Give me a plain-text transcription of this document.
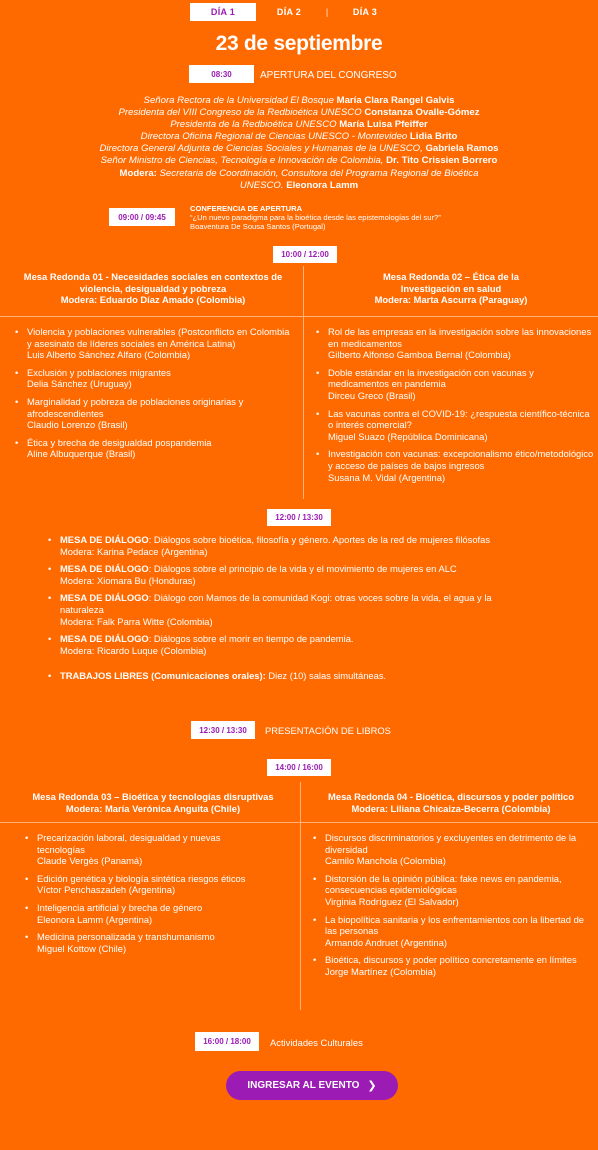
DÍA 1	DÍA 2	|	DÍA 3
23 de septiembre
08:30	APERTURA DEL CONGRESO
Señora Rectora de la Universidad El Bosque María Clara Rangel Galvis
Presidenta del VIII Congreso de la Redbioética UNESCO Constanza Ovalle-Gómez
Presidenta de la Redbioética UNESCO María Luisa Pfeiffer
Directora Oficina Regional de Ciencias UNESCO - Montevideo Lidia Brito
Directora General Adjunta de Ciencias Sociales y Humanas de la UNESCO, Gabriela Ramos
Señor Ministro de Ciencias, Tecnología e Innovación de Colombia, Dr. Tito Crissien Borrero
Modera: Secretaria de Coordinación, Consultora del Programa Regional de Bioética
UNESCO. Eleonora Lamm
09:00 / 09:45
CONFERENCIA DE APERTURA
“¿Un nuevo paradigma para la bioética desde las epistemologías del sur?”
Boaventura De Sousa Santos (Portugal)
10:00 / 12:00
Mesa Redonda 01 - Necesidades sociales en contextos de violencia, desigualdad y pobreza
Modera: Eduardo Díaz Amado (Colombia)
Mesa Redonda 02 – Ética de la Investigación en salud
Modera: Marta Ascurra (Paraguay)
• Violencia y poblaciones vulnerables (Postconflicto en Colombia y asesinato de líderes sociales en América Latina)
Luis Alberto Sánchez Alfaro (Colombia)
• Exclusión y poblaciones migrantes
Delia Sánchez (Uruguay)
• Marginalidad y pobreza de poblaciones originarias y afrodescendientes
Claudio Lorenzo (Brasil)
• Ética y brecha de desigualdad pospandemia
Aline Albuquerque (Brasil)
• Rol de las empresas en la investigación sobre las innovaciones en medicamentos
Gilberto Alfonso Gamboa Bernal (Colombia)
• Doble estándar en la investigación con vacunas y medicamentos en pandemia
Dirceu Greco (Brasil)
• Las vacunas contra el COVID-19: ¿respuesta científico-técnica o interés comercial?
Miguel Suazo (República Dominicana)
• Investigación con vacunas: excepcionalismo ético/metodológico y acceso de países de bajos ingresos
Susana M. Vidal (Argentina)
12:00 / 13:30
• MESA DE DIÁLOGO: Diálogos sobre bioética, filosofía y género. Aportes de la red de mujeres filósofas
Modera: Karina Pedace (Argentina)
• MESA DE DIÁLOGO: Diálogos sobre el principio de la vida y el movimiento de mujeres en ALC
Modera: Xiomara Bu (Honduras)
• MESA DE DIÁLOGO: Diálogo con Mamos de la comunidad Kogi: otras voces sobre la vida, el agua y la naturaleza
Modera: Falk Parra Witte (Colombia)
• MESA DE DIÁLOGO: Diálogos sobre el morir en tiempo de pandemia.
Modera: Ricardo Luque (Colombia)
• TRABAJOS LIBRES (Comunicaciones orales): Diez (10) salas simultáneas.
12:30 / 13:30	PRESENTACIÓN DE LIBROS
14:00 / 16:00
Mesa Redonda 03 – Bioética y tecnologías disruptivas
Modera: María Verónica Anguita (Chile)
Mesa Redonda 04 - Bioética, discursos y poder político
Modera: Liliana Chicaiza-Becerra (Colombia)
• Precarización laboral, desigualdad y nuevas tecnologías
Claude Vergès (Panamá)
• Edición genética y biología sintética riesgos éticos
Víctor Penchaszadeh (Argentina)
• Inteligencia artificial y brecha de género
Eleonora Lamm (Argentina)
• Medicina personalizada y transhumanismo
Miguel Kottow (Chile)
• Discursos discriminatorios y excluyentes en detrimento de la diversidad
Camilo Manchola (Colombia)
• Distorsión de la opinión pública: fake news en pandemia, consecuencias epidemiológicas
Virginia Rodríguez (El Salvador)
• La biopolítica sanitaria y los enfrentamientos con la libertad de las personas
Armando Andruet (Argentina)
• Bioética, discursos y poder político concretamente en límites
Jorge Martínez (Colombia)
16:00 / 18:00	Actividades Culturales
INGRESAR AL EVENTO ❯
